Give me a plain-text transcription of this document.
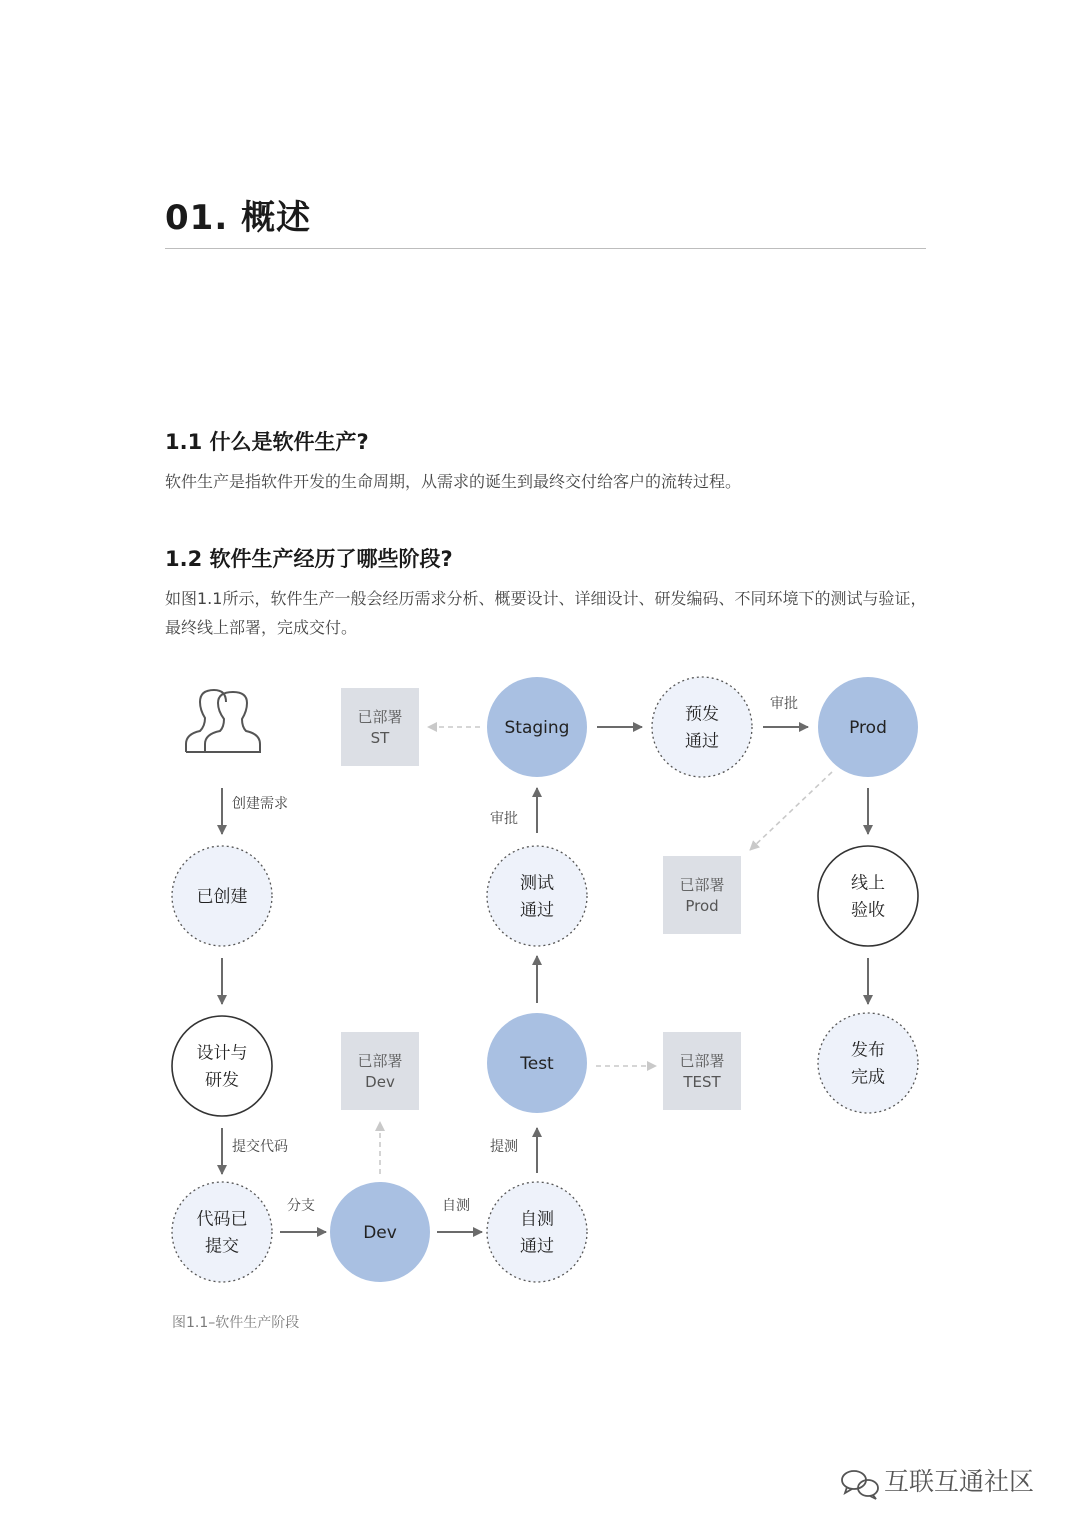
01. 概述
1.1 什么是软件生产?
软件生产是指软件开发的生命周期，从需求的诞生到最终交付给客户的流转过程。
1.2 软件生产经历了哪些阶段?
如图1.1所示，软件生产一般会经历需求分析、概要设计、详细设计、研发编码、不同环境下的测试与验证，最终线上部署，完成交付。
创建需求
提交代码
分支	自测
提测
审批
审批
已创建
设计与
研发
代码已
提交
Dev
自测
通过
Test
测试
通过
Staging
预发
通过
Prod
线上
验收
发布
完成
已部署
ST
已部署
Prod
已部署
Dev
已部署
TEST
图1.1–软件生产阶段
互联互通社区
